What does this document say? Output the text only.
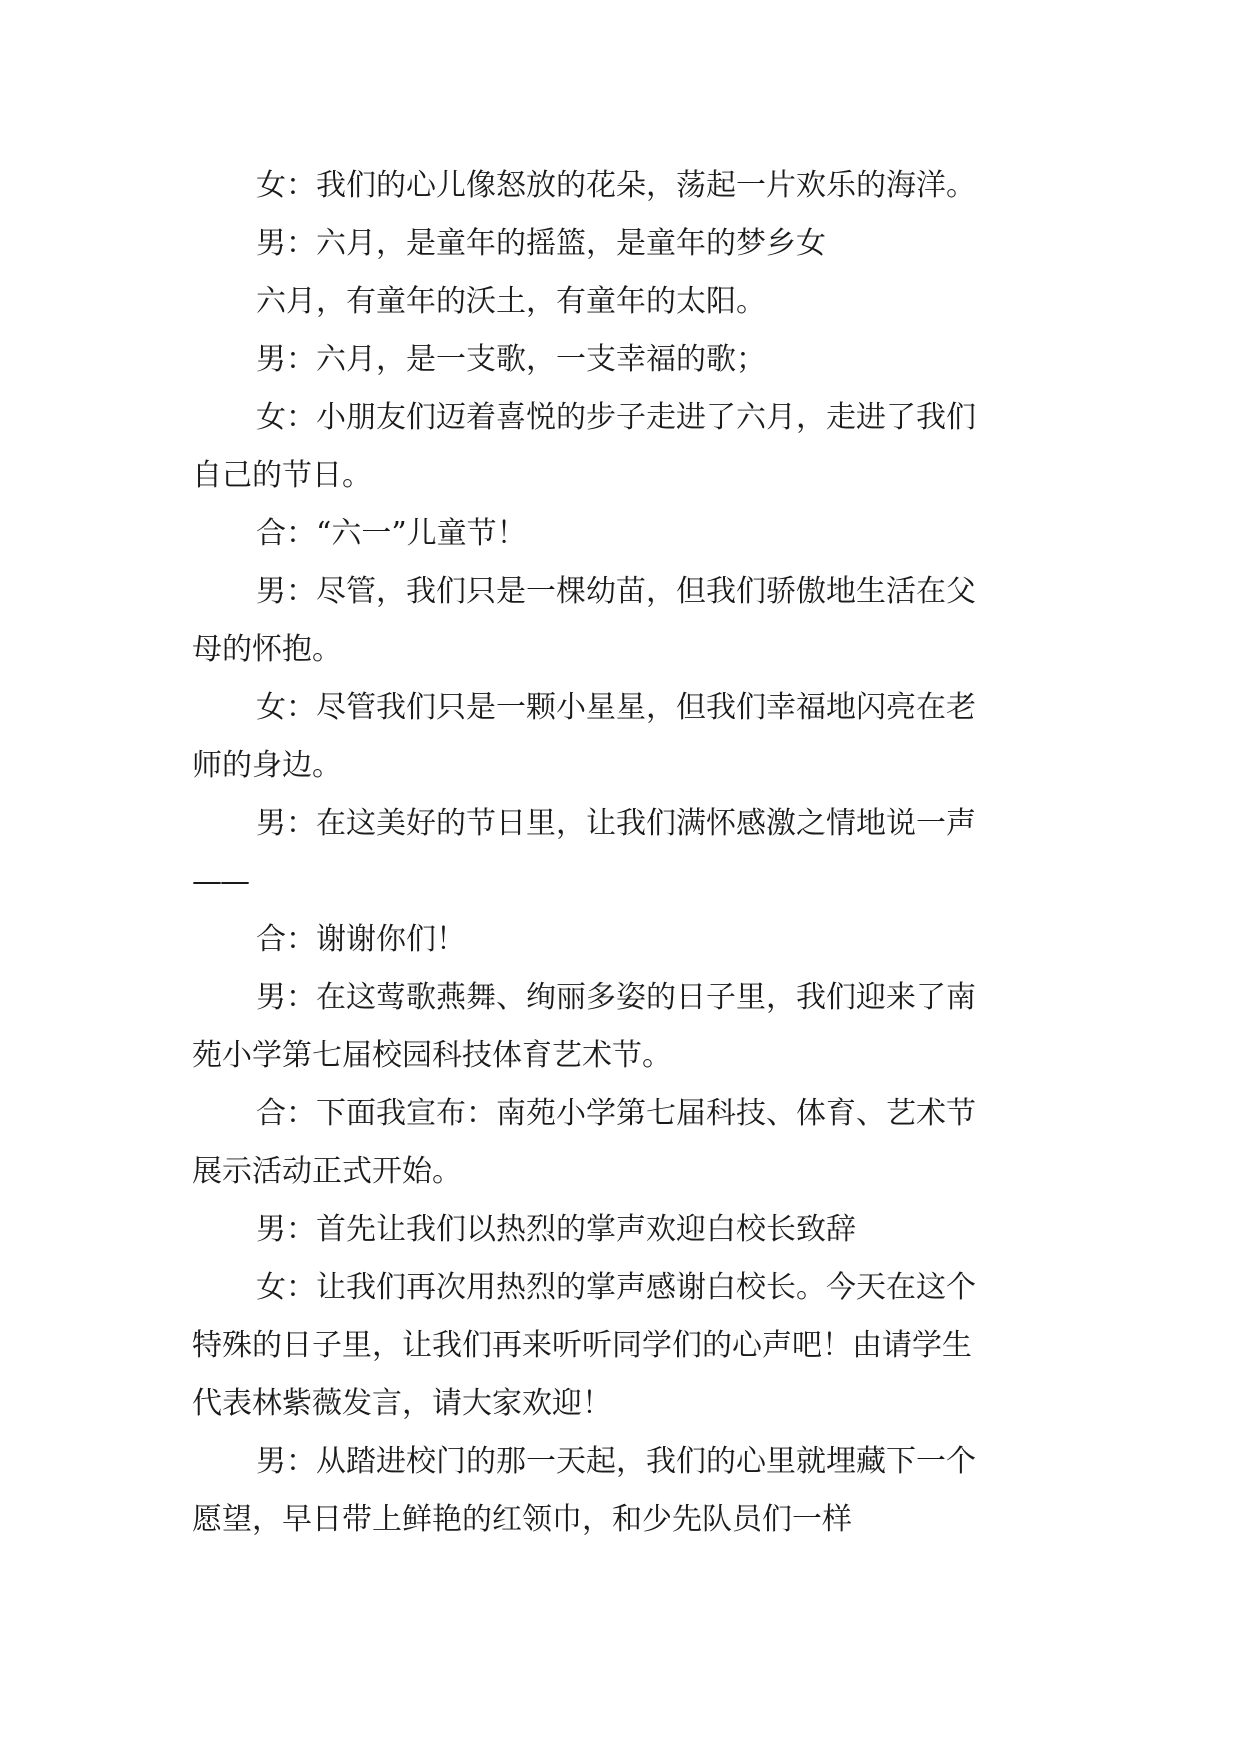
女：我们的心儿像怒放的花朵，荡起一片欢乐的海洋。

男：六月，是童年的摇篮，是童年的梦乡女

六月，有童年的沃土，有童年的太阳。

男：六月，是一支歌，一支幸福的歌；

女：小朋友们迈着喜悦的步子走进了六月，走进了我们
自己的节日。

合：“六一”儿童节！

男：尽管，我们只是一棵幼苗，但我们骄傲地生活在父
母的怀抱。

女：尽管我们只是一颗小星星，但我们幸福地闪亮在老
师的身边。

男：在这美好的节日里，让我们满怀感激之情地说一声
——

合：谢谢你们！

男：在这莺歌燕舞、绚丽多姿的日子里，我们迎来了南
苑小学第七届校园科技体育艺术节。

合：下面我宣布：南苑小学第七届科技、体育、艺术节
展示活动正式开始。

男：首先让我们以热烈的掌声欢迎白校长致辞

女：让我们再次用热烈的掌声感谢白校长。今天在这个
特殊的日子里，让我们再来听听同学们的心声吧！由请学生
代表林紫薇发言，请大家欢迎！

男：从踏进校门的那一天起，我们的心里就埋藏下一个
愿望，早日带上鲜艳的红领巾，和少先队员们一样
